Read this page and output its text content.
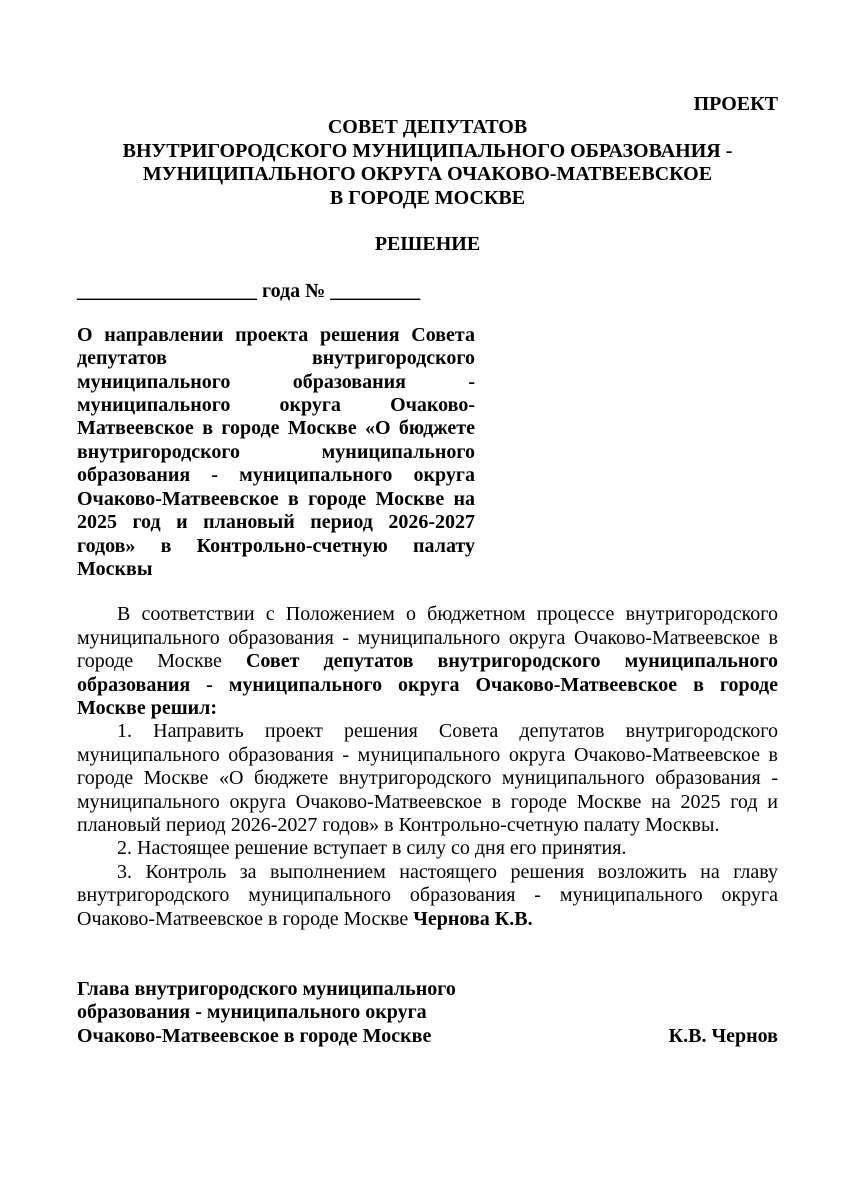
ПРОЕКТ
СОВЕТ ДЕПУТАТОВ
ВНУТРИГОРОДСКОГО МУНИЦИПАЛЬНОГО ОБРАЗОВАНИЯ -
МУНИЦИПАЛЬНОГО ОКРУГА ОЧАКОВО-МАТВЕЕВСКОЕ
В ГОРОДЕ МОСКВЕ
РЕШЕНИЕ
__________________ года № _________
О направлении проекта решения Совета депутатов внутригородского муниципального образования - муниципального округа Очаково-Матвеевское в городе Москве «О бюджете внутригородского муниципального образования - муниципального округа Очаково-Матвеевское в городе Москве на 2025 год и плановый период 2026-2027 годов» в Контрольно-счетную палату Москвы

В соответствии с Положением о бюджетном процессе внутригородского муниципального образования - муниципального округа Очаково-Матвеевское в городе Москве Совет депутатов внутригородского муниципального образования - муниципального округа Очаково-Матвеевское в городе Москве решил:

1. Направить проект решения Совета депутатов внутригородского муниципального образования - муниципального округа Очаково-Матвеевское в городе Москве «О бюджете внутригородского муниципального образования - муниципального округа Очаково-Матвеевское в городе Москве на 2025 год и плановый период 2026-2027 годов» в Контрольно-счетную палату Москвы.

2. Настоящее решение вступает в силу со дня его принятия.

3. Контроль за выполнением настоящего решения возложить на главу внутригородского муниципального образования - муниципального округа Очаково-Матвеевское в городе Москве Чернова К.В.

Глава внутригородского муниципального
образования - муниципального округа
Очаково-Матвеевское в городе Москве	К.В. Чернов
